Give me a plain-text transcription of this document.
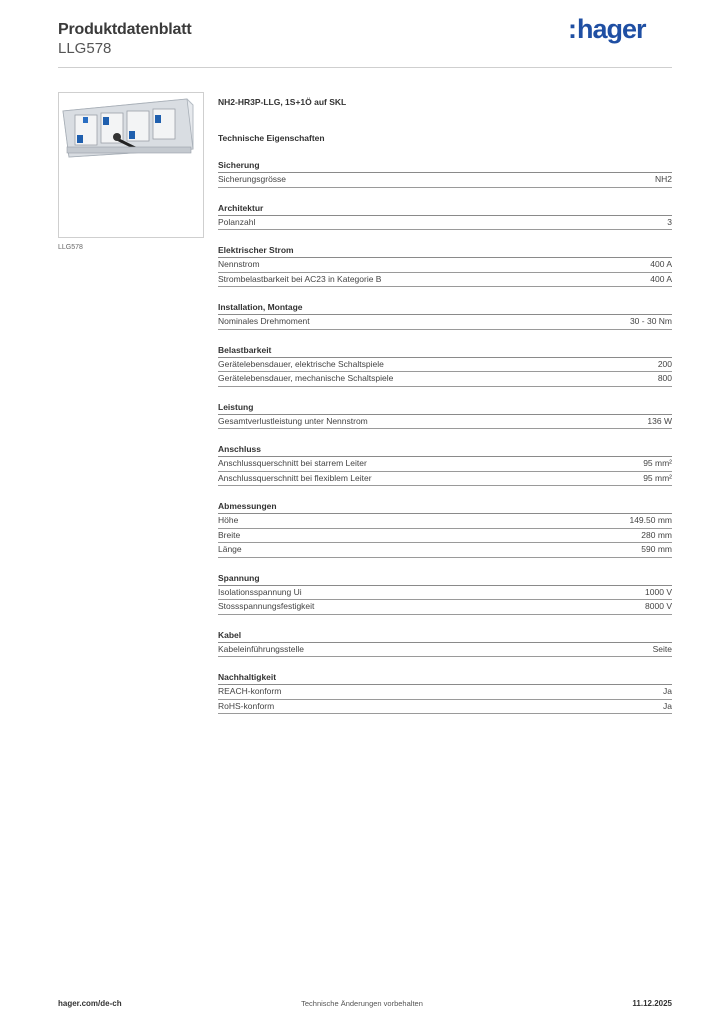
Produktdatenblatt
LLG578
:hager
LLG578
NH2-HR3P-LLG, 1S+1Ö auf SKL
Technische Eigenschaften
Sicherung
Sicherungsgrösse	NH2
Architektur
Polanzahl	3
Elektrischer Strom
Nennstrom	400 A
Strombelastbarkeit bei AC23 in Kategorie B	400 A
Installation, Montage
Nominales Drehmoment	30 - 30 Nm
Belastbarkeit
Gerätelebensdauer, elektrische Schaltspiele	200
Gerätelebensdauer, mechanische Schaltspiele	800
Leistung
Gesamtverlustleistung unter Nennstrom	136 W
Anschluss
Anschlussquerschnitt bei starrem Leiter	95 mm²
Anschlussquerschnitt bei flexiblem Leiter	95 mm²
Abmessungen
Höhe	149.50 mm
Breite	280 mm
Länge	590 mm
Spannung
Isolationsspannung Ui	1000 V
Stossspannungsfestigkeit	8000 V
Kabel
Kabeleinführungsstelle	Seite
Nachhaltigkeit
REACH-konform	Ja
RoHS-konform	Ja
hager.com/de-ch	Technische Änderungen vorbehalten	11.12.2025
